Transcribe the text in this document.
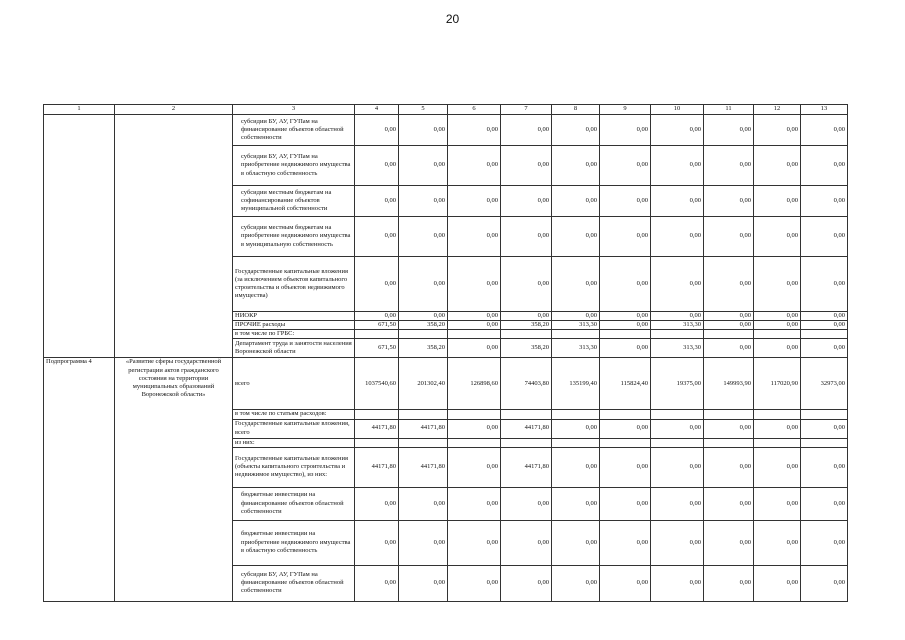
20
1	2	3	4	5	6	7	8	9	10	11	12	13
		субсидии БУ, АУ, ГУПам на финансирование объектов областной собственности	0,00	0,00	0,00	0,00	0,00	0,00	0,00	0,00	0,00	0,00
		субсидии БУ, АУ, ГУПам на приобретение недвижимого имущества в областную собственность	0,00	0,00	0,00	0,00	0,00	0,00	0,00	0,00	0,00	0,00
		субсидии местным бюджетам на софинансирование объектов муниципальной собственности	0,00	0,00	0,00	0,00	0,00	0,00	0,00	0,00	0,00	0,00
		субсидии местным бюджетам на приобретение недвижимого имущества в муниципальную собственность	0,00	0,00	0,00	0,00	0,00	0,00	0,00	0,00	0,00	0,00
		Государственные капитальные вложения (за исключением объектов капитального строительства и объектов недвижимого имущества)	0,00	0,00	0,00	0,00	0,00	0,00	0,00	0,00	0,00	0,00
		НИОКР	0,00	0,00	0,00	0,00	0,00	0,00	0,00	0,00	0,00	0,00
		ПРОЧИЕ расходы	671,50	358,20	0,00	358,20	313,30	0,00	313,30	0,00	0,00	0,00
		в том числе по ГРБС:										
		Департамент труда и занятости населения Воронежской области	671,50	358,20	0,00	358,20	313,30	0,00	313,30	0,00	0,00	0,00
Подпрограмма 4	«Развитие сферы государственной регистрации актов гражданского состояния на территории муниципальных образований Воронежской области»	всего	1037540,60	201302,40	126898,60	74403,80	135199,40	115824,40	19375,00	149993,90	117020,90	32973,00
		в том числе по статьям расходов:										
		Государственные капитальные вложения, всего	44171,80	44171,80	0,00	44171,80	0,00	0,00	0,00	0,00	0,00	0,00
		из них:										
		Государственные капитальные вложения (объекты капитального строительства и недвижимое имущество), из них:	44171,80	44171,80	0,00	44171,80	0,00	0,00	0,00	0,00	0,00	0,00
		бюджетные инвестиции на финансирование объектов областной собственности	0,00	0,00	0,00	0,00	0,00	0,00	0,00	0,00	0,00	0,00
		бюджетные инвестиции на приобретение недвижимого имущества в областную собственность	0,00	0,00	0,00	0,00	0,00	0,00	0,00	0,00	0,00	0,00
		субсидии БУ, АУ, ГУПам на финансирование объектов областной собственности	0,00	0,00	0,00	0,00	0,00	0,00	0,00	0,00	0,00	0,00
